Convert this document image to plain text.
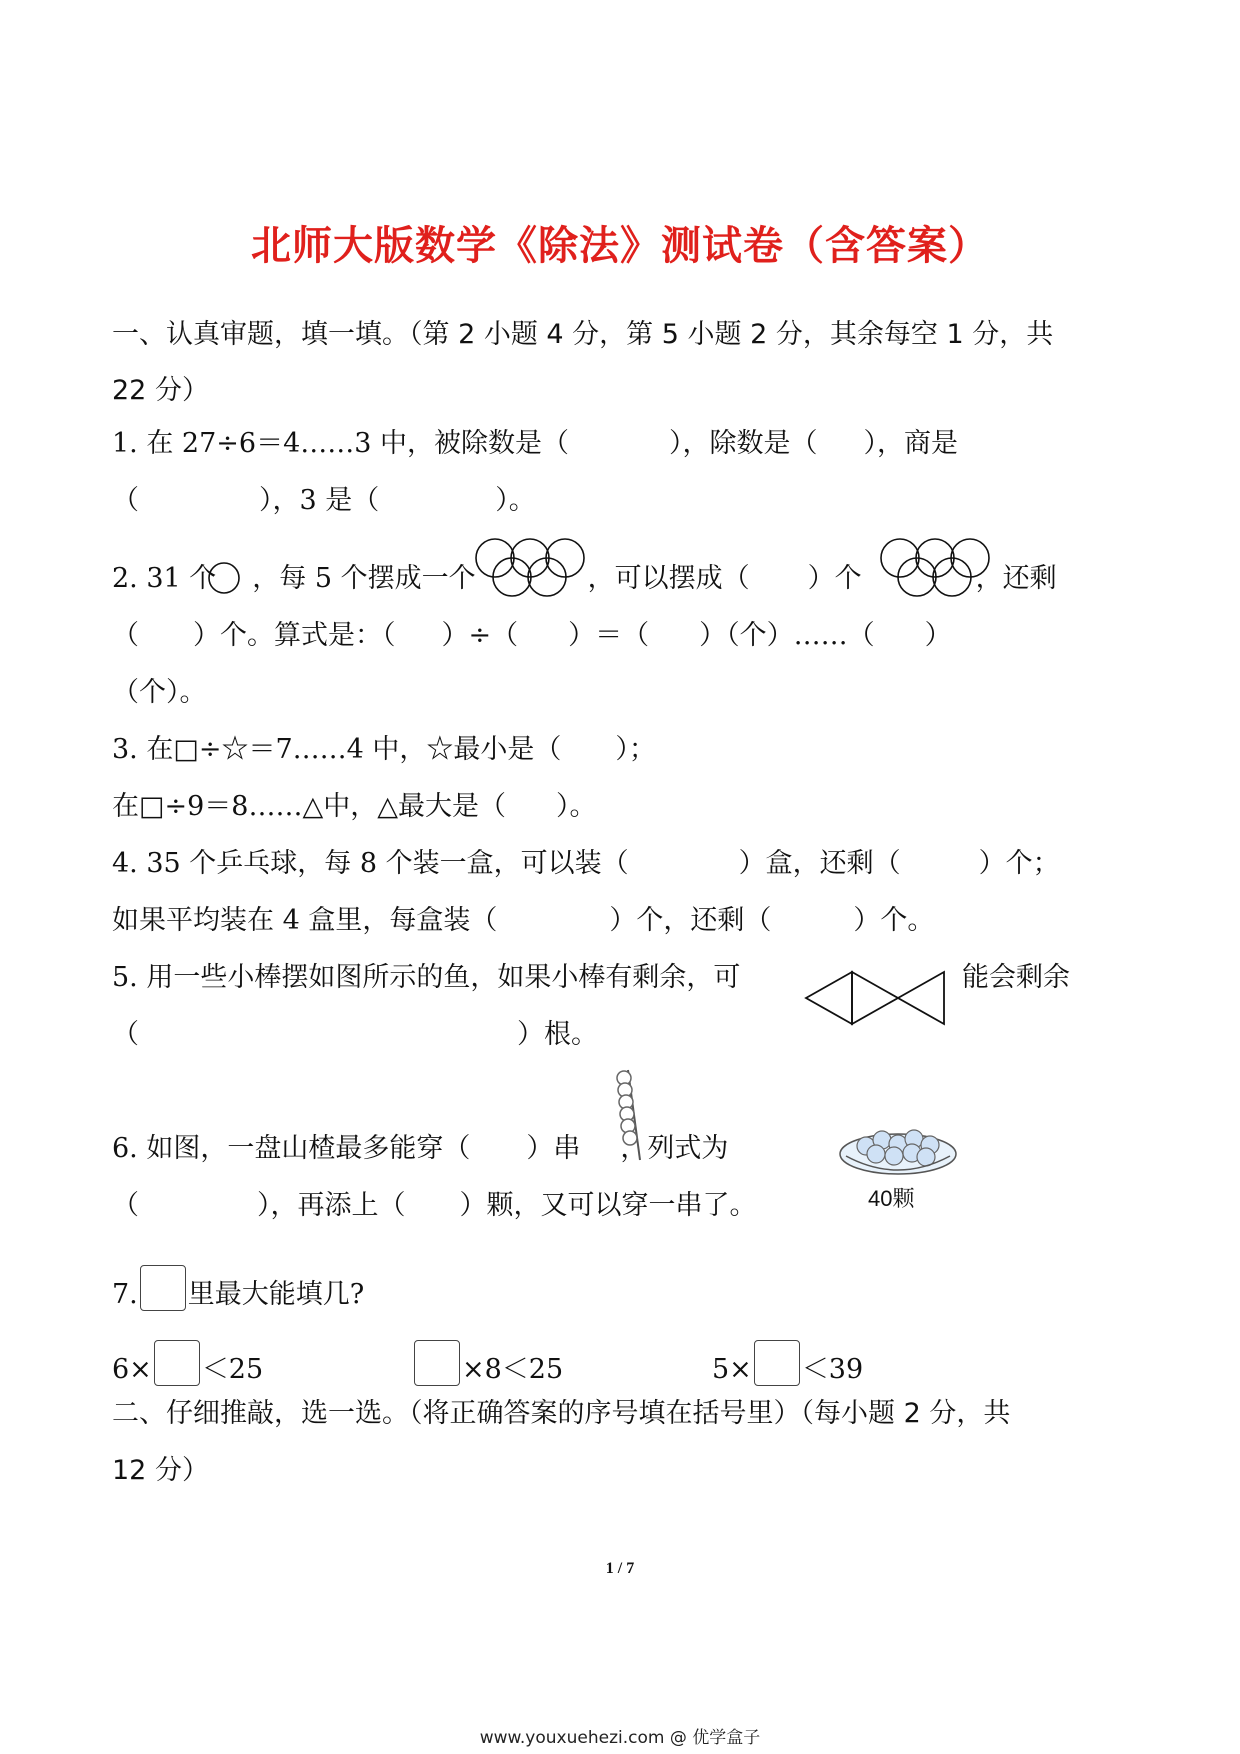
北师大版数学《除法》测试卷（含答案）
一、认真审题，填一填。（第 2 小题 4 分，第 5 小题 2 分，其余每空 1 分，共
22 分）
1. 在 27÷6＝4……3 中，被除数是（	），除数是（ ），商是
（	），3 是（	）。
2. 31 个 ，每 5 个摆成一个	，可以摆成（ ）个	，还剩
（ ）个。算式是：（ ）÷（ ）＝（ ）（个）……（ ）
（个）。
3. 在□÷☆＝7……4 中，☆最小是（ ）；
在□÷9＝8……△中，△最大是（ ）。
4. 35 个乒乓球，每 8 个装一盒，可以装（	）盒，还剩（	）个；
如果平均装在 4 盒里，每盒装（	）个，还剩（	）个。
5. 用一些小棒摆如图所示的鱼，如果小棒有剩余，可	能会剩余
（	）根。
40颗
6. 如图，一盘山楂最多能穿（ ）串 ，列式为
（	），再添上（ ）颗，又可以穿一串了。
7. 里最大能填几?
6× ＜25	×8＜25	5× ＜39
二、仔细推敲，选一选。（将正确答案的序号填在括号里）（每小题 2 分，共
12 分）
1 / 7
www.youxuehezi.com @ 优学盒子
